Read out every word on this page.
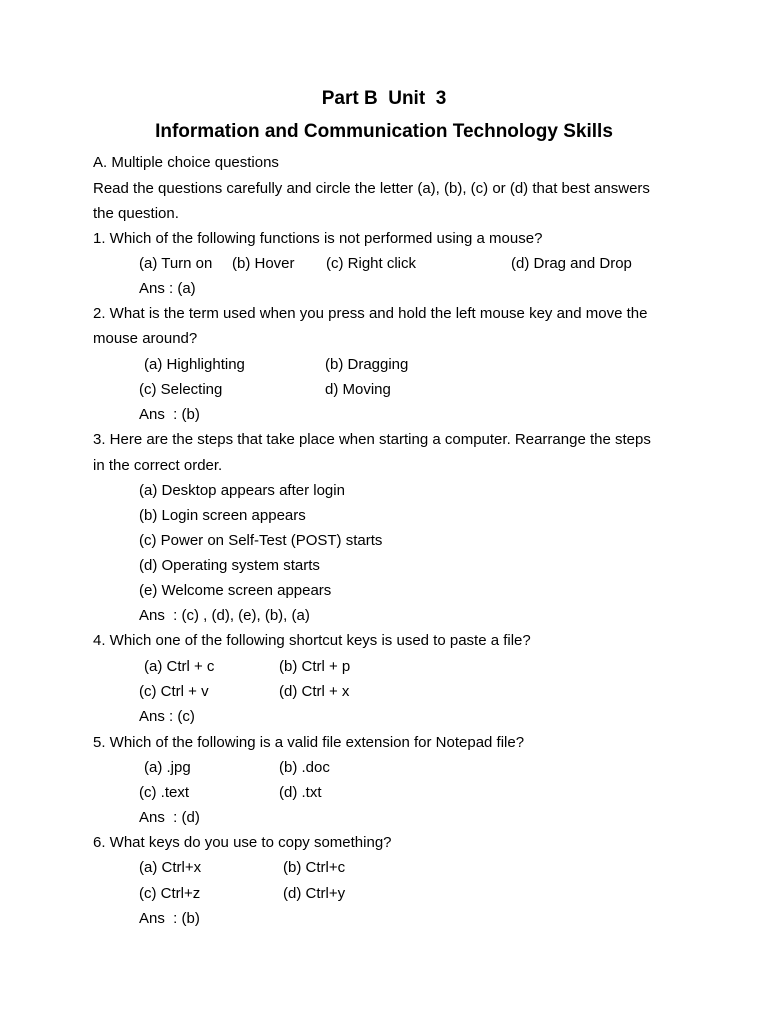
Part B  Unit  3
Information and Communication Technology Skills
A. Multiple choice questions
Read the questions carefully and circle the letter (a), (b), (c) or (d) that best answers
the question.
1. Which of the following functions is not performed using a mouse?
(a) Turn on (b) Hover (c) Right click	(d) Drag and Drop
Ans : (a)
2. What is the term used when you press and hold the left mouse key and move the
mouse around?
(a) Highlighting	(b) Dragging
(c) Selecting	d) Moving
Ans  : (b)
3. Here are the steps that take place when starting a computer. Rearrange the steps
in the correct order.
(a) Desktop appears after login
(b) Login screen appears
(c) Power on Self-Test (POST) starts
(d) Operating system starts
(e) Welcome screen appears
Ans  : (c) , (d), (e), (b), (a)
4. Which one of the following shortcut keys is used to paste a file?
(a) Ctrl + c	(b) Ctrl + p
(c) Ctrl + v	(d) Ctrl + x
Ans : (c)
5. Which of the following is a valid file extension for Notepad file?
(a) .jpg	(b) .doc
(c) .text	(d) .txt
Ans  : (d)
6. What keys do you use to copy something?
(a) Ctrl+x	(b) Ctrl+c
(c) Ctrl+z	(d) Ctrl+y
Ans  : (b)
